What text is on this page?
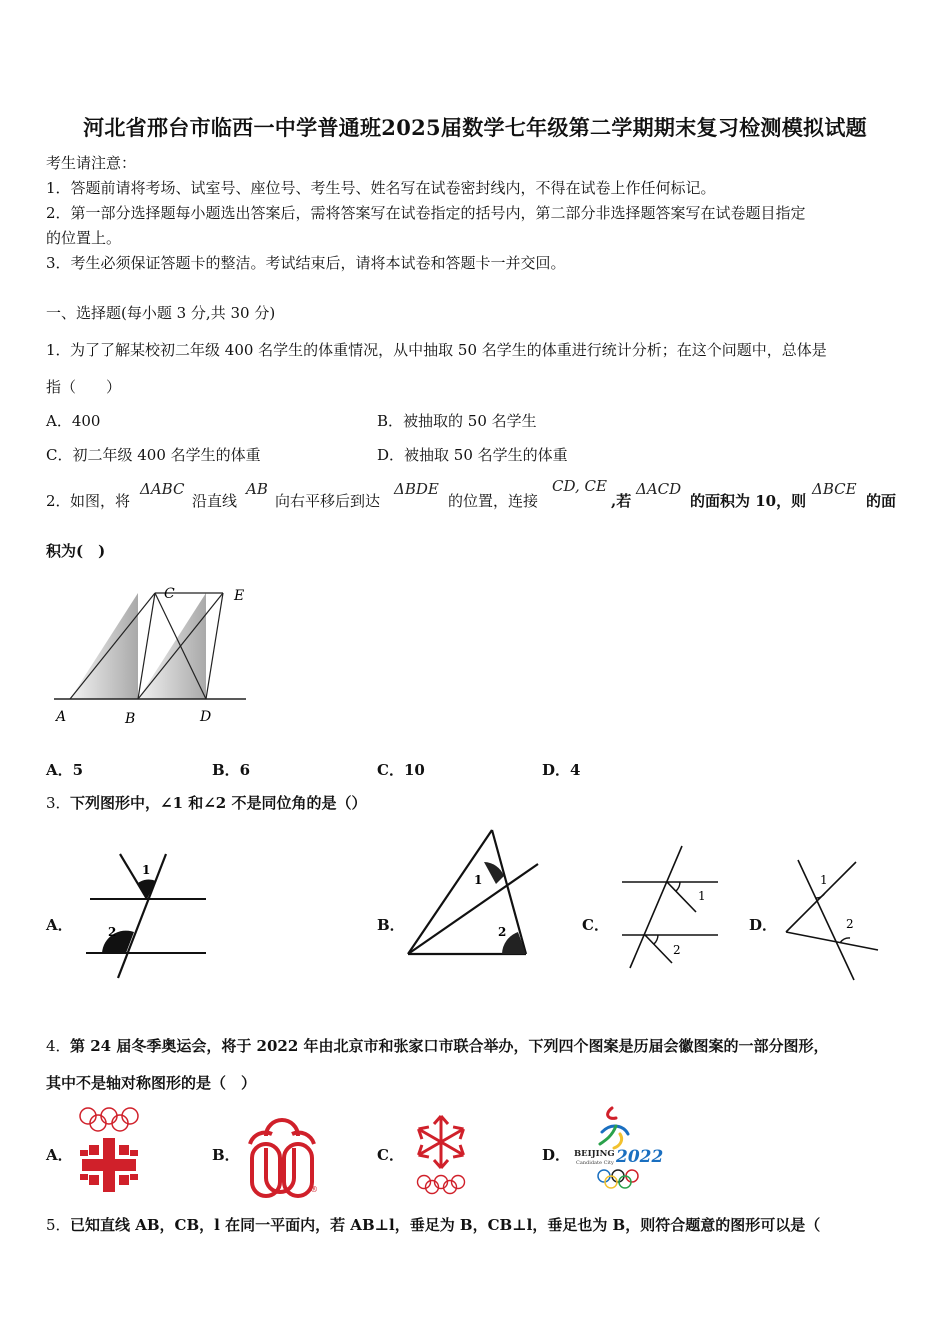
河北省邢台市临西一中学普通班2025届数学七年级第二学期期末复习检测模拟试题
考生请注意：
1．答题前请将考场、试室号、座位号、考生号、姓名写在试卷密封线内，不得在试卷上作任何标记。
2．第一部分选择题每小题选出答案后，需将答案写在试卷指定的括号内，第二部分非选择题答案写在试卷题目指定
的位置上。
3．考生必须保证答题卡的整洁。考试结束后，请将本试卷和答题卡一并交回。
一、选择题(每小题 3 分,共 30 分)
1． 为了了解某校初二年级 400 名学生的体重情况，从中抽取 50 名学生的体重进行统计分析；在这个问题中，总体是
指（　　）
A．400	B．被抽取的 50 名学生
C．初二年级 400 名学生的体重	D．被抽取 50 名学生的体重
2． 如图，将
ΔABC
沿直线
AB
向右平移后到达
ΔBDE
的位置，连接
CD, CE
,若
ΔACD
的面积为 10，则
ΔBCE
的面
积为(　)
A	B	D
C	E
A．5	B．6	C．10	D．4
3． 下列图形中，∠1 和∠2 不是同位角的是（）
A．
1
2	B．
1
2	C．
1
2
D．
1
2
4． 第 24 届冬季奥运会，将于 2022 年由北京市和张家口市联合举办，下列四个图案是历届会徽图案的一部分图形，
其中不是轴对称图形的是（　）
A．	B．
®
C．	D． BEIJING
Candidate City 2022
5． 已知直线 AB，CB，l 在同一平面内，若 AB⊥l，垂足为 B，CB⊥l，垂足也为 B，则符合题意的图形可以是（
